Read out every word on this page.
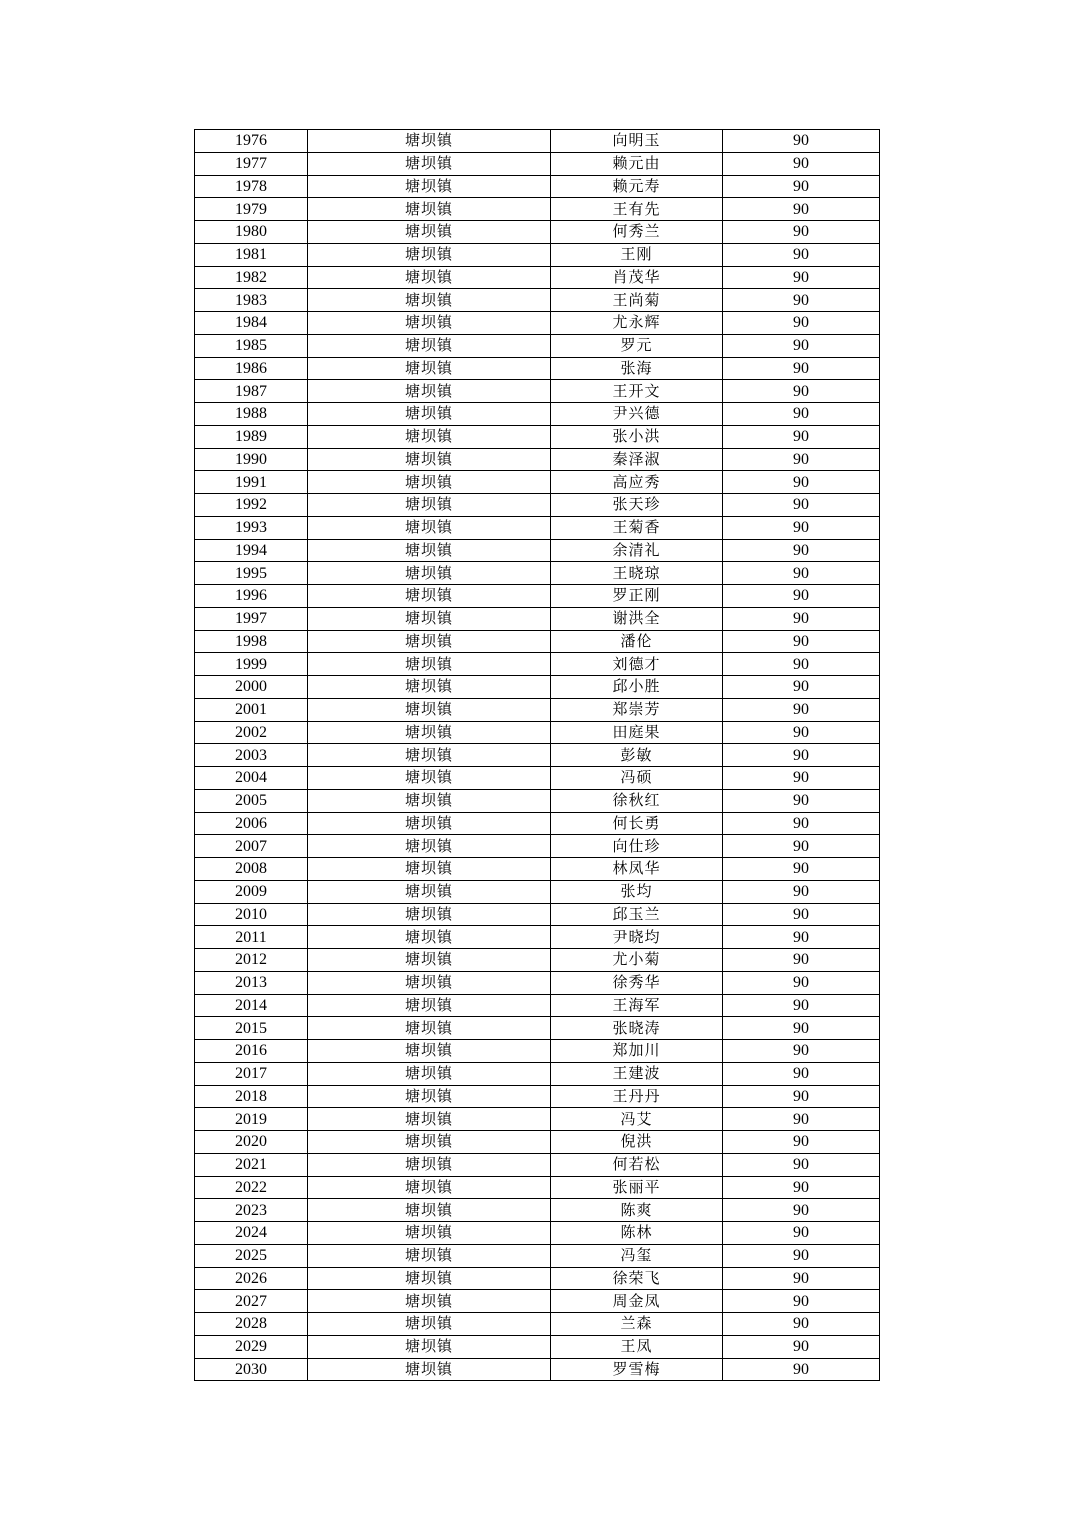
1976	塘坝镇	向明玉	90
1977	塘坝镇	赖元由	90
1978	塘坝镇	赖元寿	90
1979	塘坝镇	王有先	90
1980	塘坝镇	何秀兰	90
1981	塘坝镇	王刚	90
1982	塘坝镇	肖茂华	90
1983	塘坝镇	王尚菊	90
1984	塘坝镇	尤永辉	90
1985	塘坝镇	罗元	90
1986	塘坝镇	张海	90
1987	塘坝镇	王开文	90
1988	塘坝镇	尹兴德	90
1989	塘坝镇	张小洪	90
1990	塘坝镇	秦泽淑	90
1991	塘坝镇	高应秀	90
1992	塘坝镇	张天珍	90
1993	塘坝镇	王菊香	90
1994	塘坝镇	余清礼	90
1995	塘坝镇	王晓琼	90
1996	塘坝镇	罗正刚	90
1997	塘坝镇	谢洪全	90
1998	塘坝镇	潘伦	90
1999	塘坝镇	刘德才	90
2000	塘坝镇	邱小胜	90
2001	塘坝镇	郑崇芳	90
2002	塘坝镇	田庭果	90
2003	塘坝镇	彭敏	90
2004	塘坝镇	冯硕	90
2005	塘坝镇	徐秋红	90
2006	塘坝镇	何长勇	90
2007	塘坝镇	向仕珍	90
2008	塘坝镇	林凤华	90
2009	塘坝镇	张均	90
2010	塘坝镇	邱玉兰	90
2011	塘坝镇	尹晓均	90
2012	塘坝镇	尤小菊	90
2013	塘坝镇	徐秀华	90
2014	塘坝镇	王海军	90
2015	塘坝镇	张晓涛	90
2016	塘坝镇	郑加川	90
2017	塘坝镇	王建波	90
2018	塘坝镇	王丹丹	90
2019	塘坝镇	冯艾	90
2020	塘坝镇	倪洪	90
2021	塘坝镇	何若松	90
2022	塘坝镇	张丽平	90
2023	塘坝镇	陈爽	90
2024	塘坝镇	陈林	90
2025	塘坝镇	冯玺	90
2026	塘坝镇	徐荣飞	90
2027	塘坝镇	周金凤	90
2028	塘坝镇	兰森	90
2029	塘坝镇	王凤	90
2030	塘坝镇	罗雪梅	90
